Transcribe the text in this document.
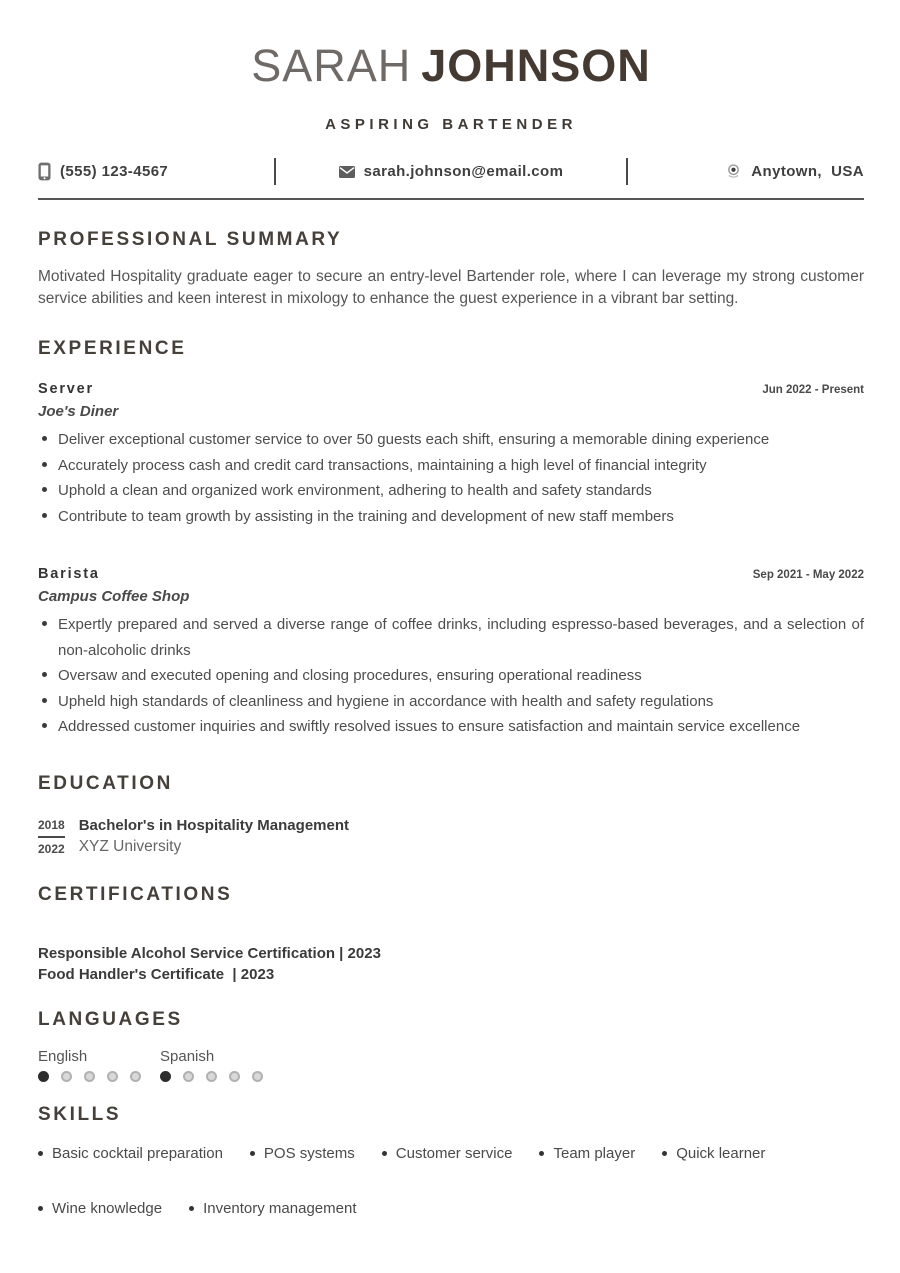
SARAH JOHNSON
ASPIRING BARTENDER
(555) 123-4567	sarah.johnson@email.com	Anytown,  USA
PROFESSIONAL SUMMARY

Motivated Hospitality graduate eager to secure an entry-level Bartender role, where I can leverage my strong customer service abilities and keen interest in mixology to enhance the guest experience in a vibrant bar setting.

EXPERIENCE
Server	Jun 2022 - Present
Joe's Diner
Deliver exceptional customer service to over 50 guests each shift, ensuring a memorable dining experience
Accurately process cash and credit card transactions, maintaining a high level of financial integrity
Uphold a clean and organized work environment, adhering to health and safety standards
Contribute to team growth by assisting in the training and development of new staff members
Barista	Sep 2021 - May 2022
Campus Coffee Shop
Expertly prepared and served a diverse range of coffee drinks, including espresso-based beverages, and a selection of non-alcoholic drinks
Oversaw and executed opening and closing procedures, ensuring operational readiness
Upheld high standards of cleanliness and hygiene in accordance with health and safety regulations
Addressed customer inquiries and swiftly resolved issues to ensure satisfaction and maintain service excellence
EDUCATION
2018
2022
Bachelor's in Hospitality Management
XYZ University
CERTIFICATIONS
Responsible Alcohol Service Certification | 2023
Food Handler's Certificate  | 2023
LANGUAGES
English	Spanish
SKILLS
Basic cocktail preparation	POS systems	Customer service	Team player	Quick learner
Wine knowledge	Inventory management
